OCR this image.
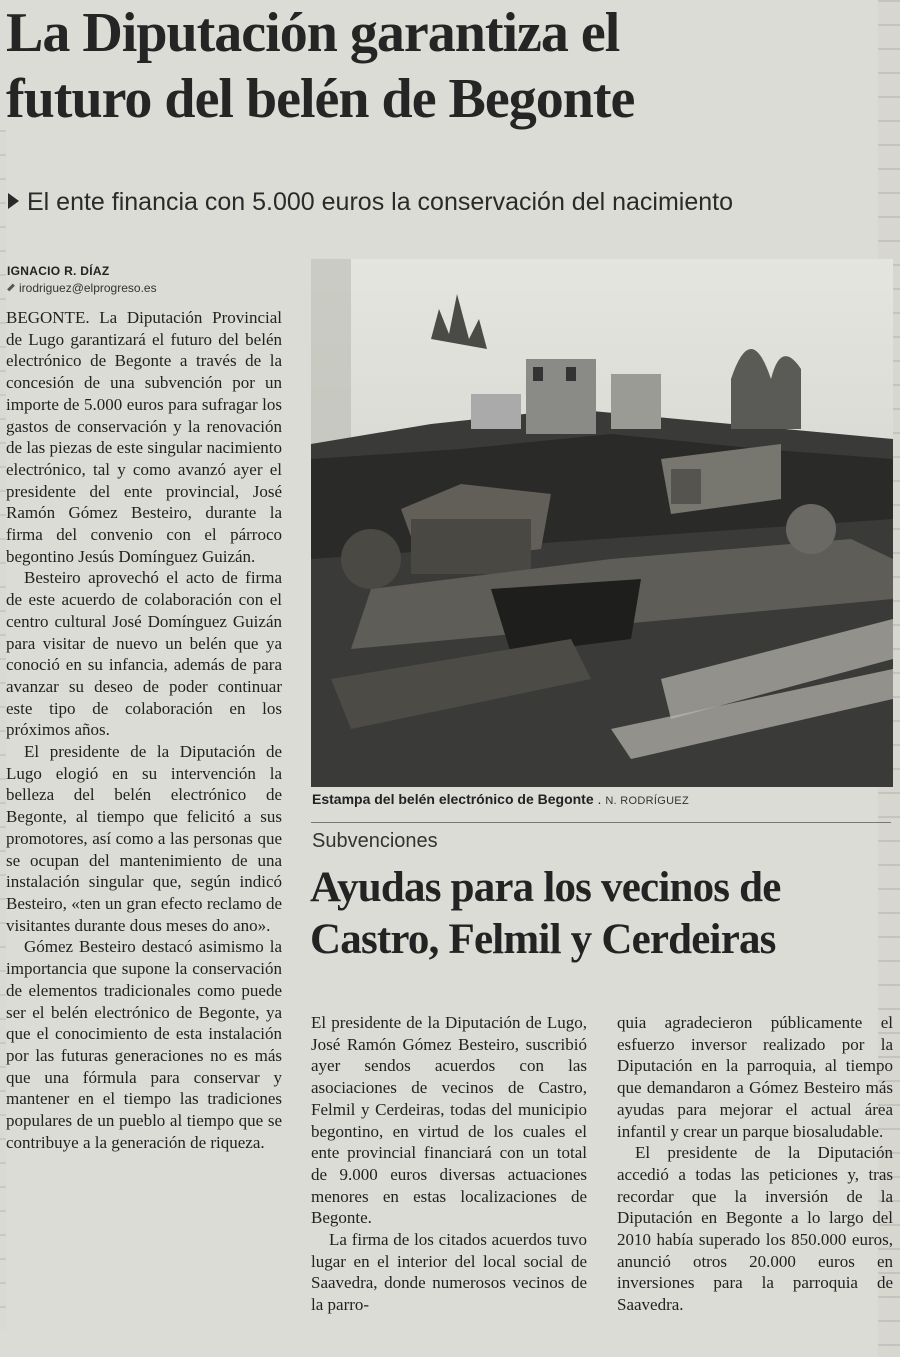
La Diputación garantiza el
futuro del belén de Begonte
El ente financia con 5.000 euros la conservación del nacimiento
IGNACIO R. DÍAZ
irodriguez@elprogreso.es

BEGONTE. La Diputación Provincial de Lugo garantizará el futuro del belén electrónico de Begonte a través de la concesión de una subvención por un importe de 5.000 euros para sufragar los gastos de conservación y la renovación de las piezas de este singular nacimiento electrónico, tal y como avanzó ayer el presidente del ente provincial, José Ramón Gómez Besteiro, durante la firma del convenio con el párroco begontino Jesús Domínguez Guizán.

Besteiro aprovechó el acto de firma de este acuerdo de colaboración con el centro cultural José Domínguez Guizán para visitar de nuevo un belén que ya conoció en su infancia, además de para avanzar su deseo de poder continuar este tipo de colaboración en los próximos años.

El presidente de la Diputación de Lugo elogió en su intervención la belleza del belén electrónico de Begonte, al tiempo que felicitó a sus promotores, así como a las personas que se ocupan del mantenimiento de una instalación singular que, según indicó Besteiro, «ten un gran efecto reclamo de visitantes durante dous meses do ano».

Gómez Besteiro destacó asimismo la importancia que supone la conservación de elementos tradicionales como puede ser el belén electrónico de Begonte, ya que el conocimiento de esta instalación por las futuras generaciones no es más que una fórmula para conservar y mantener en el tiempo las tradiciones populares de un pueblo al tiempo que se contribuye a la generación de riqueza.

Estampa del belén electrónico de Begonte . N. RODRÍGUEZ
Subvenciones
Ayudas para los vecinos de
Castro, Felmil y Cerdeiras

El presidente de la Diputación de Lugo, José Ramón Gómez Besteiro, suscribió ayer sendos acuerdos con las asociaciones de vecinos de Castro, Felmil y Cerdeiras, todas del municipio begontino, en virtud de los cuales el ente provincial financiará con un total de 9.000 euros diversas actuaciones menores en estas localizaciones de Begonte.

La firma de los citados acuerdos tuvo lugar en el interior del local social de Saavedra, donde numerosos vecinos de la parro-

quia agradecieron públicamente el esfuerzo inversor realizado por la Diputación en la parroquia, al tiempo que demandaron a Gómez Besteiro más ayudas para mejorar el actual área infantil y crear un parque biosaludable.

El presidente de la Diputación accedió a todas las peticiones y, tras recordar que la inversión de la Diputación en Begonte a lo largo del 2010 había superado los 850.000 euros, anunció otros 20.000 euros en inversiones para la parroquia de Saavedra.
